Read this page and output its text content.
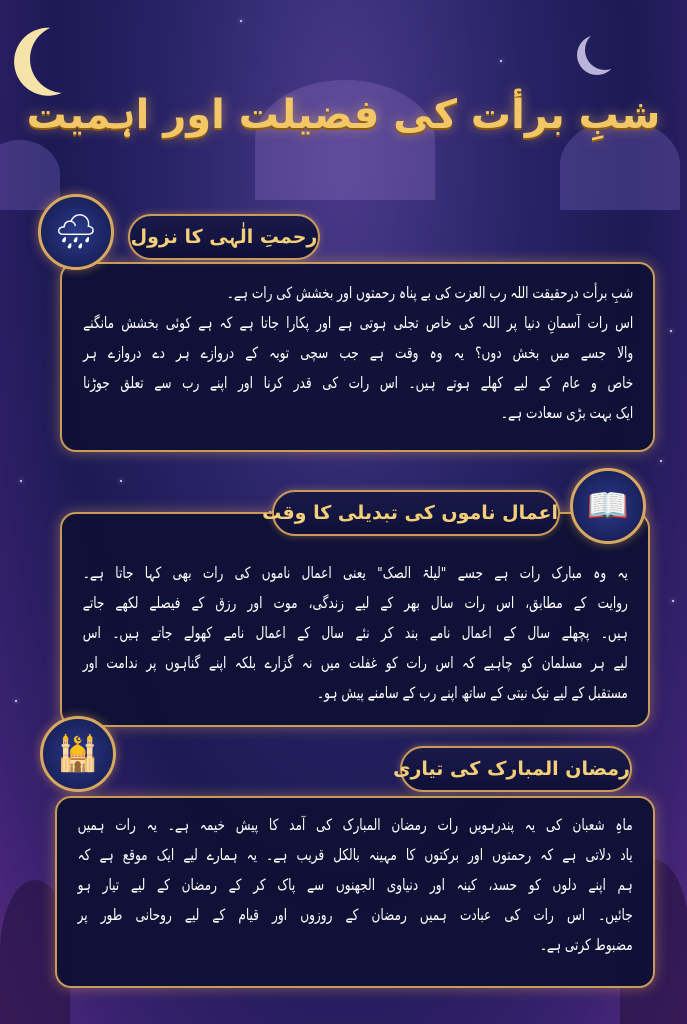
شبِ برأت کی فضیلت اور اہمیت
شبِ برأت درحقیقت اللہ رب العزت کی بے پناہ رحمتوں اور بخشش کی رات ہے۔
اس رات آسمانِ دنیا پر اللہ کی خاص تجلی ہوتی ہے اور پکارا جاتا ہے کہ ہے کوئی بخشش مانگنے
والا جسے میں بخش دوں؟ یہ وہ وقت ہے جب سچی توبہ کے دروازے ہر دے دروازے ہر
خاص و عام کے لیے کھلے ہوتے ہیں۔ اس رات کی قدر کرنا اور اپنے رب سے تعلق جوڑنا
ایک بہت بڑی سعادت ہے۔
رحمتِ الٰہی کا نزول
🌧
یہ وہ مبارک رات ہے جسے "لیلۃ الصک" یعنی اعمال ناموں کی رات بھی کہا جاتا ہے۔
روایت کے مطابق، اس رات سال بھر کے لیے زندگی، موت اور رزق کے فیصلے لکھے جاتے
ہیں۔ پچھلے سال کے اعمال نامے بند کر نئے سال کے اعمال نامے کھولے جاتے ہیں۔ اس
لیے ہر مسلمان کو چاہیے کہ اس رات کو غفلت میں نہ گزارے بلکہ اپنے گناہوں پر ندامت اور
مستقبل کے لیے نیک نیتی کے ساتھ اپنے رب کے سامنے پیش ہو۔
اعمال ناموں کی تبدیلی کا وقت 📖
ماہِ شعبان کی یہ پندرہویں رات رمضان المبارک کی آمد کا پیش خیمہ ہے۔ یہ رات ہمیں
یاد دلاتی ہے کہ رحمتوں اور برکتوں کا مہینہ بالکل قریب ہے۔ یہ ہمارے لیے ایک موقع ہے کہ
ہم اپنے دلوں کو حسد، کینہ اور دنیاوی الجھنوں سے پاک کر کے رمضان کے لیے تیار ہو
جائیں۔ اس رات کی عبادت ہمیں رمضان کے روزوں اور قیام کے لیے روحانی طور پر
مضبوط کرتی ہے۔
رمضان المبارک کی تیاری
🕌
